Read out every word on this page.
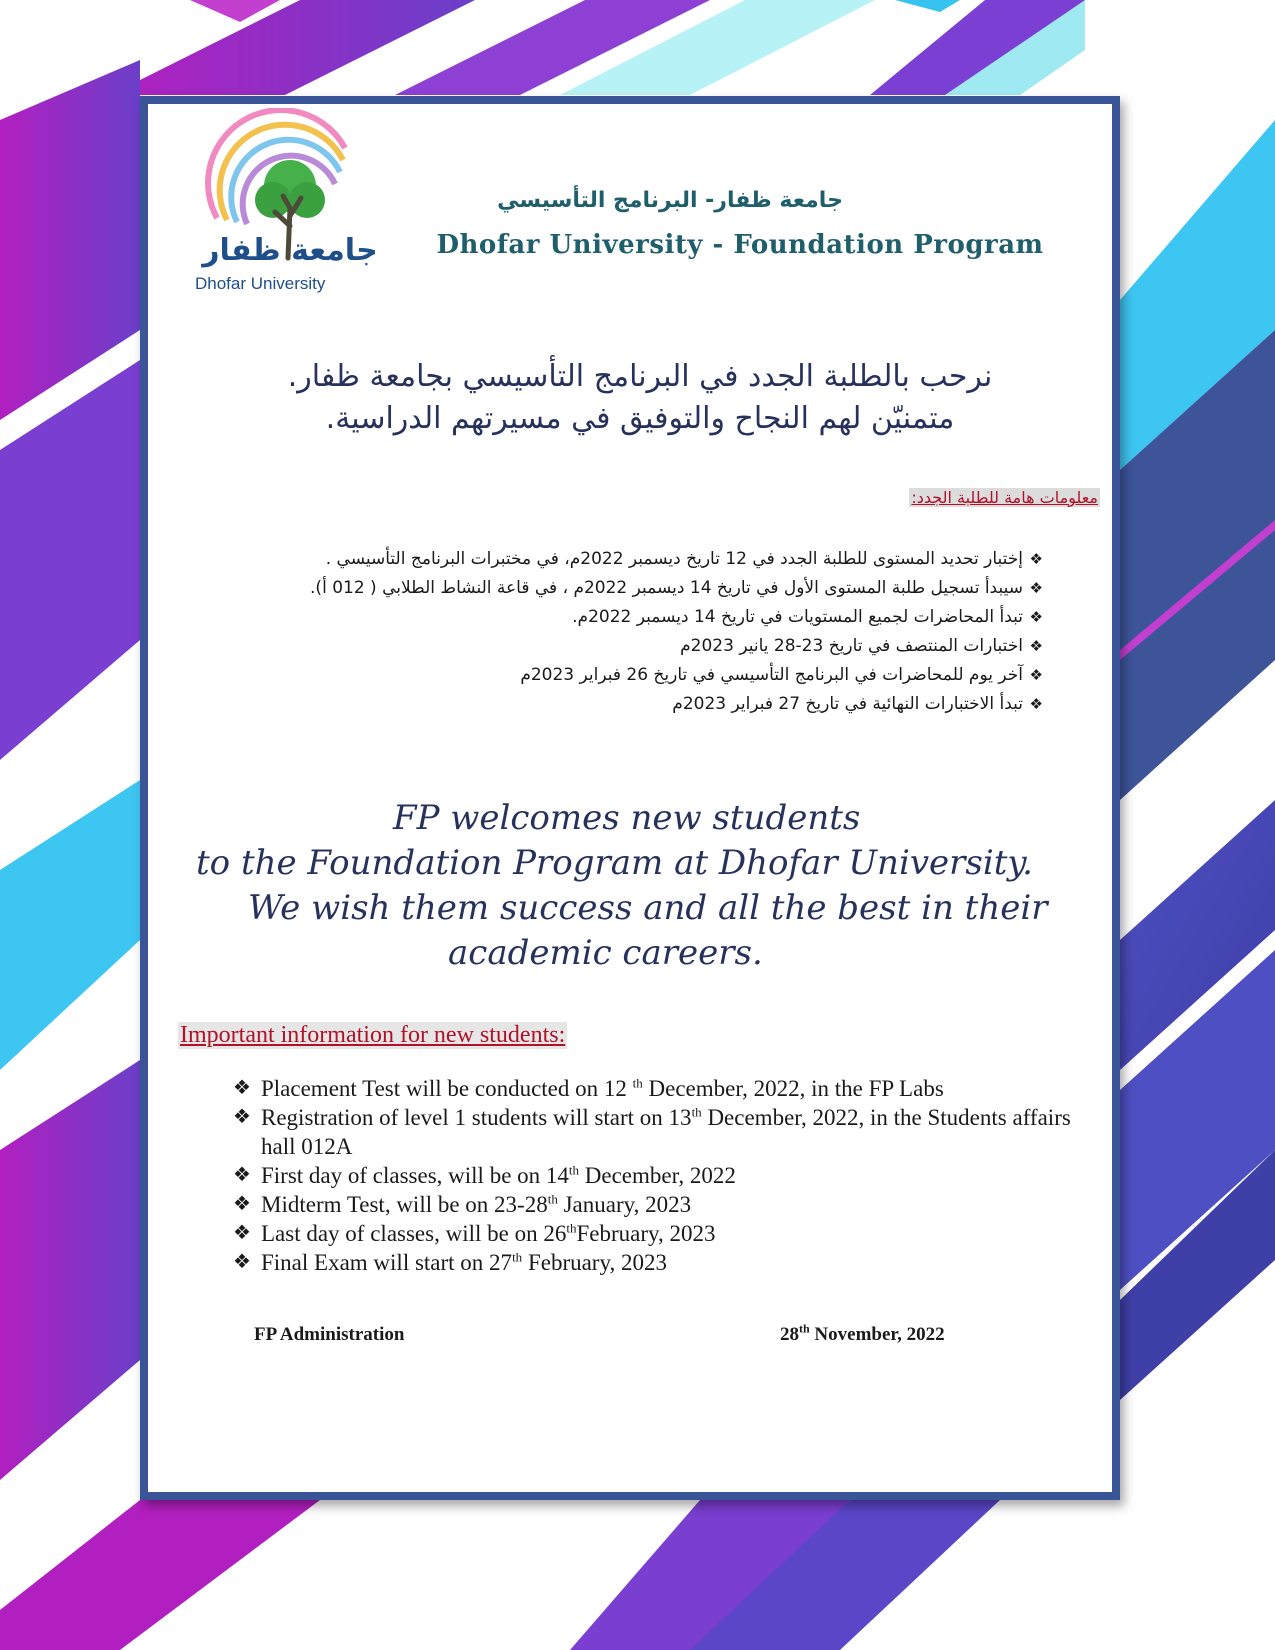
جامعة ظفار
Dhofar University
جامعة ظفار- البرنامج التأسيسي
Dhofar University - Foundation Program
نرحب بالطلبة الجدد في البرنامج التأسيسي بجامعة ظفار.
متمنيّن لهم النجاح والتوفيق في مسيرتهم الدراسية.
معلومات هامة للطلبة الجدد:
❖
إختبار تحديد المستوى للطلبة الجدد في 12 تاريخ ديسمبر 2022م، في مختبرات البرنامج التأسيسي .
❖
سيبدأ تسجيل طلبة المستوى الأول في تاريخ 14 ديسمبر 2022م ، في قاعة النشاط الطلابي ( 012 أ).
❖
تبدأ المحاضرات لجميع المستويات في تاريخ 14 ديسمبر 2022م.
❖
اختبارات المنتصف في تاريخ 23-28 يانير 2023م
❖
آخر يوم للمحاضرات في البرنامج التأسيسي في تاريخ 26 فبراير 2023م
❖
تبدأ الاختبارات النهائية في تاريخ 27 فبراير 2023م
FP welcomes new students
to the Foundation Program at Dhofar University.
We wish them success and all the best in their
academic careers.
Important information for new students:
❖ Placement Test will be conducted on 12 $^{th}$ December, 2022, in the FP Labs
❖ Registration of level 1 students will start on 13th December, 2022, in the Students affairs hall 012A
❖ First day of classes, will be on 14th December, 2022
❖ Midterm Test, will be on 23-28th January, 2023
❖ Last day of classes, will be on 26thFebruary, 2023
❖ Final Exam will start on 27th February, 2023
FP Administration	28th November, 2022
